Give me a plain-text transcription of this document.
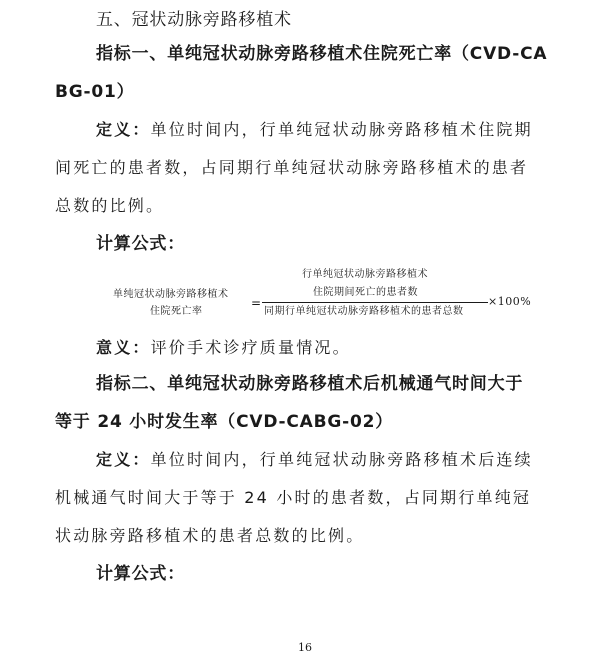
五、冠状动脉旁路移植术
指标一、单纯冠状动脉旁路移植术住院死亡率（CVD-CA
BG-01）
定义：单位时间内，行单纯冠状动脉旁路移植术住院期
间死亡的患者数，占同期行单纯冠状动脉旁路移植术的患者
总数的比例。
计算公式：
单纯冠状动脉旁路移植术
住院死亡率
=
行单纯冠状动脉旁路移植术
住院期间死亡的患者数
同期行单纯冠状动脉旁路移植术的患者总数
×100%
意义：评价手术诊疗质量情况。
指标二、单纯冠状动脉旁路移植术后机械通气时间大于
等于 24 小时发生率（CVD-CABG-02）
定义：单位时间内，行单纯冠状动脉旁路移植术后连续
机械通气时间大于等于 24 小时的患者数，占同期行单纯冠
状动脉旁路移植术的患者总数的比例。
计算公式：
16
